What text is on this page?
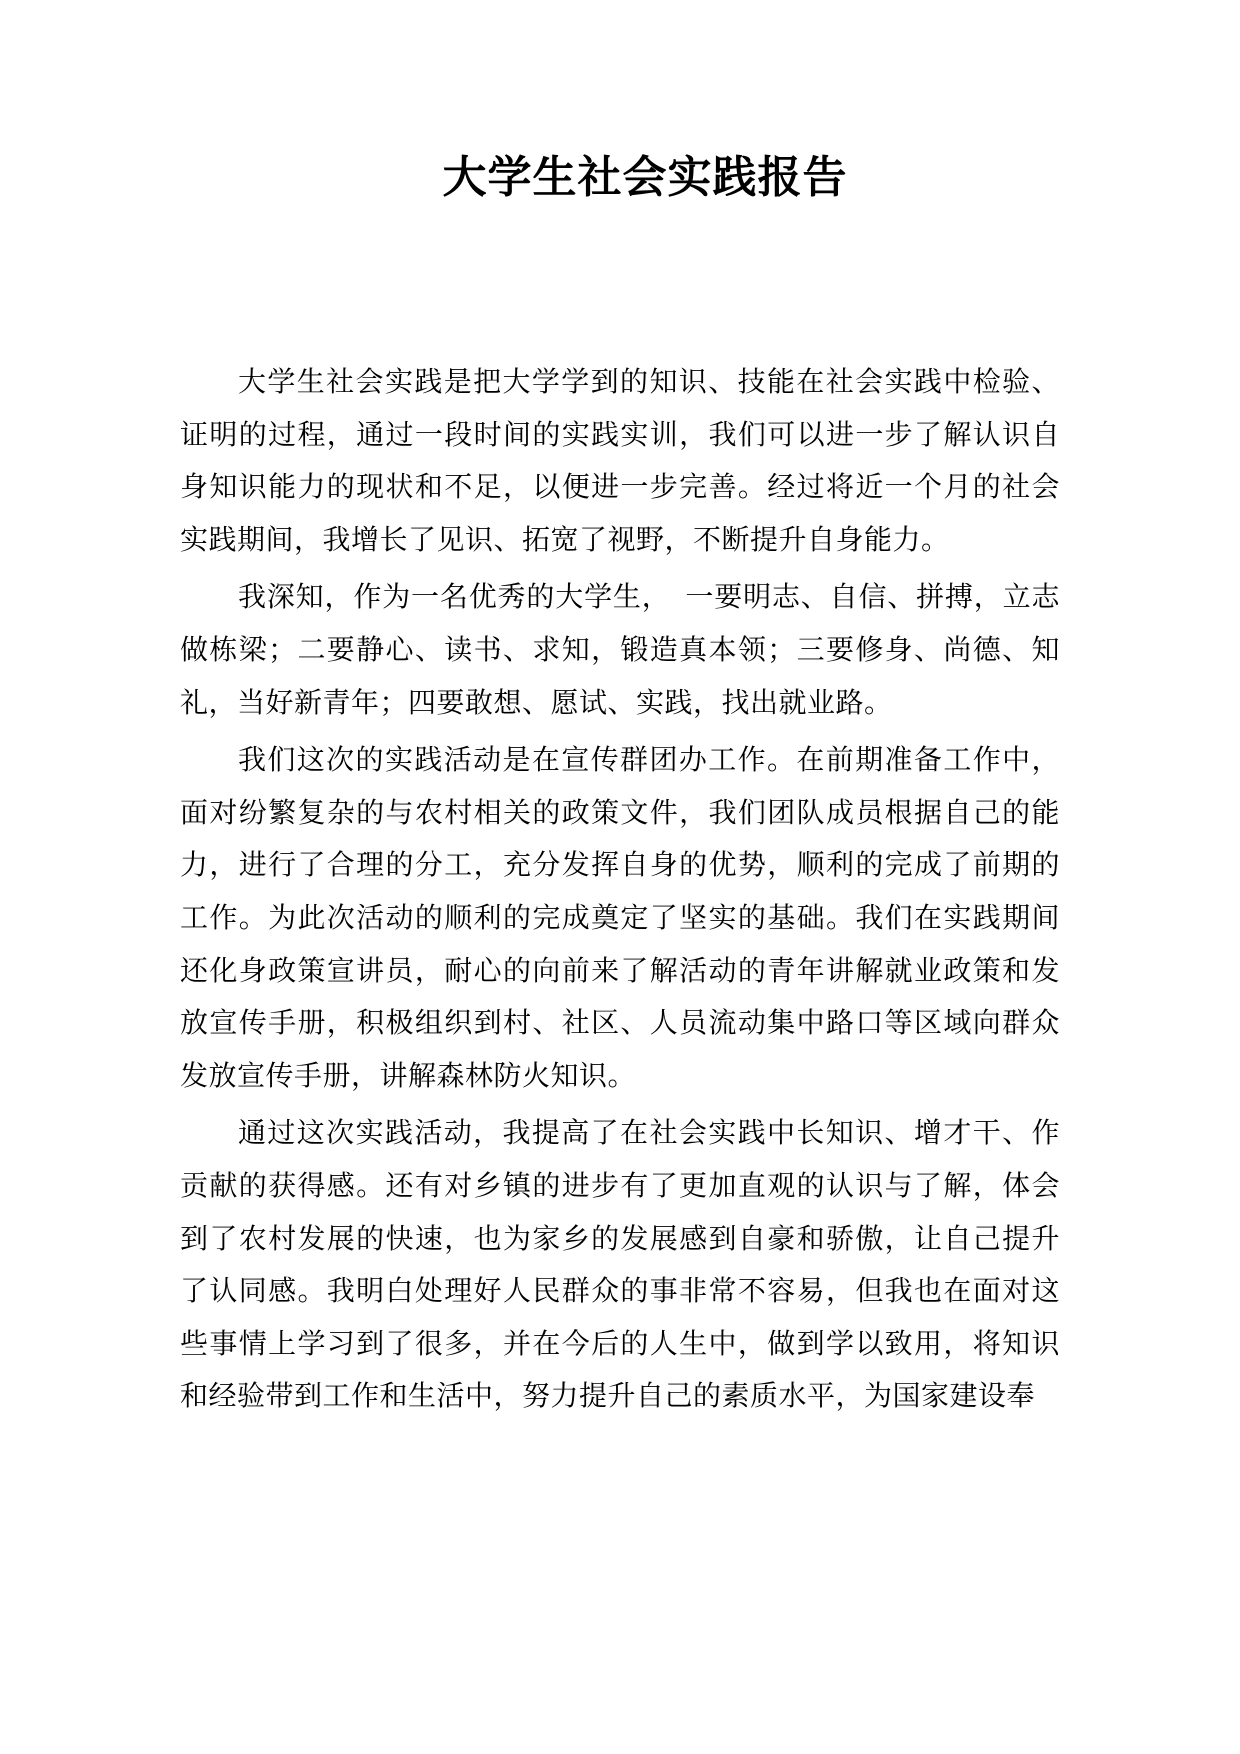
大学生社会实践报告

大学生社会实践是把大学学到的知识、技能在社会实践中检验、证明的过程，通过一段时间的实践实训，我们可以进一步了解认识自身知识能力的现状和不足，以便进一步完善。经过将近一个月的社会实践期间，我增长了见识、拓宽了视野，不断提升自身能力。

我深知，作为一名优秀的大学生，　一要明志、自信、拼搏，立志做栋梁；二要静心、读书、求知，锻造真本领；三要修身、尚德、知礼，当好新青年；四要敢想、愿试、实践，找出就业路。

我们这次的实践活动是在宣传群团办工作。在前期准备工作中，面对纷繁复杂的与农村相关的政策文件，我们团队成员根据自己的能力，进行了合理的分工，充分发挥自身的优势，顺利的完成了前期的工作。为此次活动的顺利的完成奠定了坚实的基础。我们在实践期间还化身政策宣讲员，耐心的向前来了解活动的青年讲解就业政策和发放宣传手册，积极组织到村、社区、人员流动集中路口等区域向群众发放宣传手册，讲解森林防火知识。

通过这次实践活动，我提高了在社会实践中长知识、增才干、作贡献的获得感。还有对乡镇的进步有了更加直观的认识与了解，体会到了农村发展的快速，也为家乡的发展感到自豪和骄傲，让自己提升了认同感。我明白处理好人民群众的事非常不容易，但我也在面对这些事情上学习到了很多，并在今后的人生中，做到学以致用，将知识和经验带到工作和生活中，努力提升自己的素质水平，为国家建设奉
